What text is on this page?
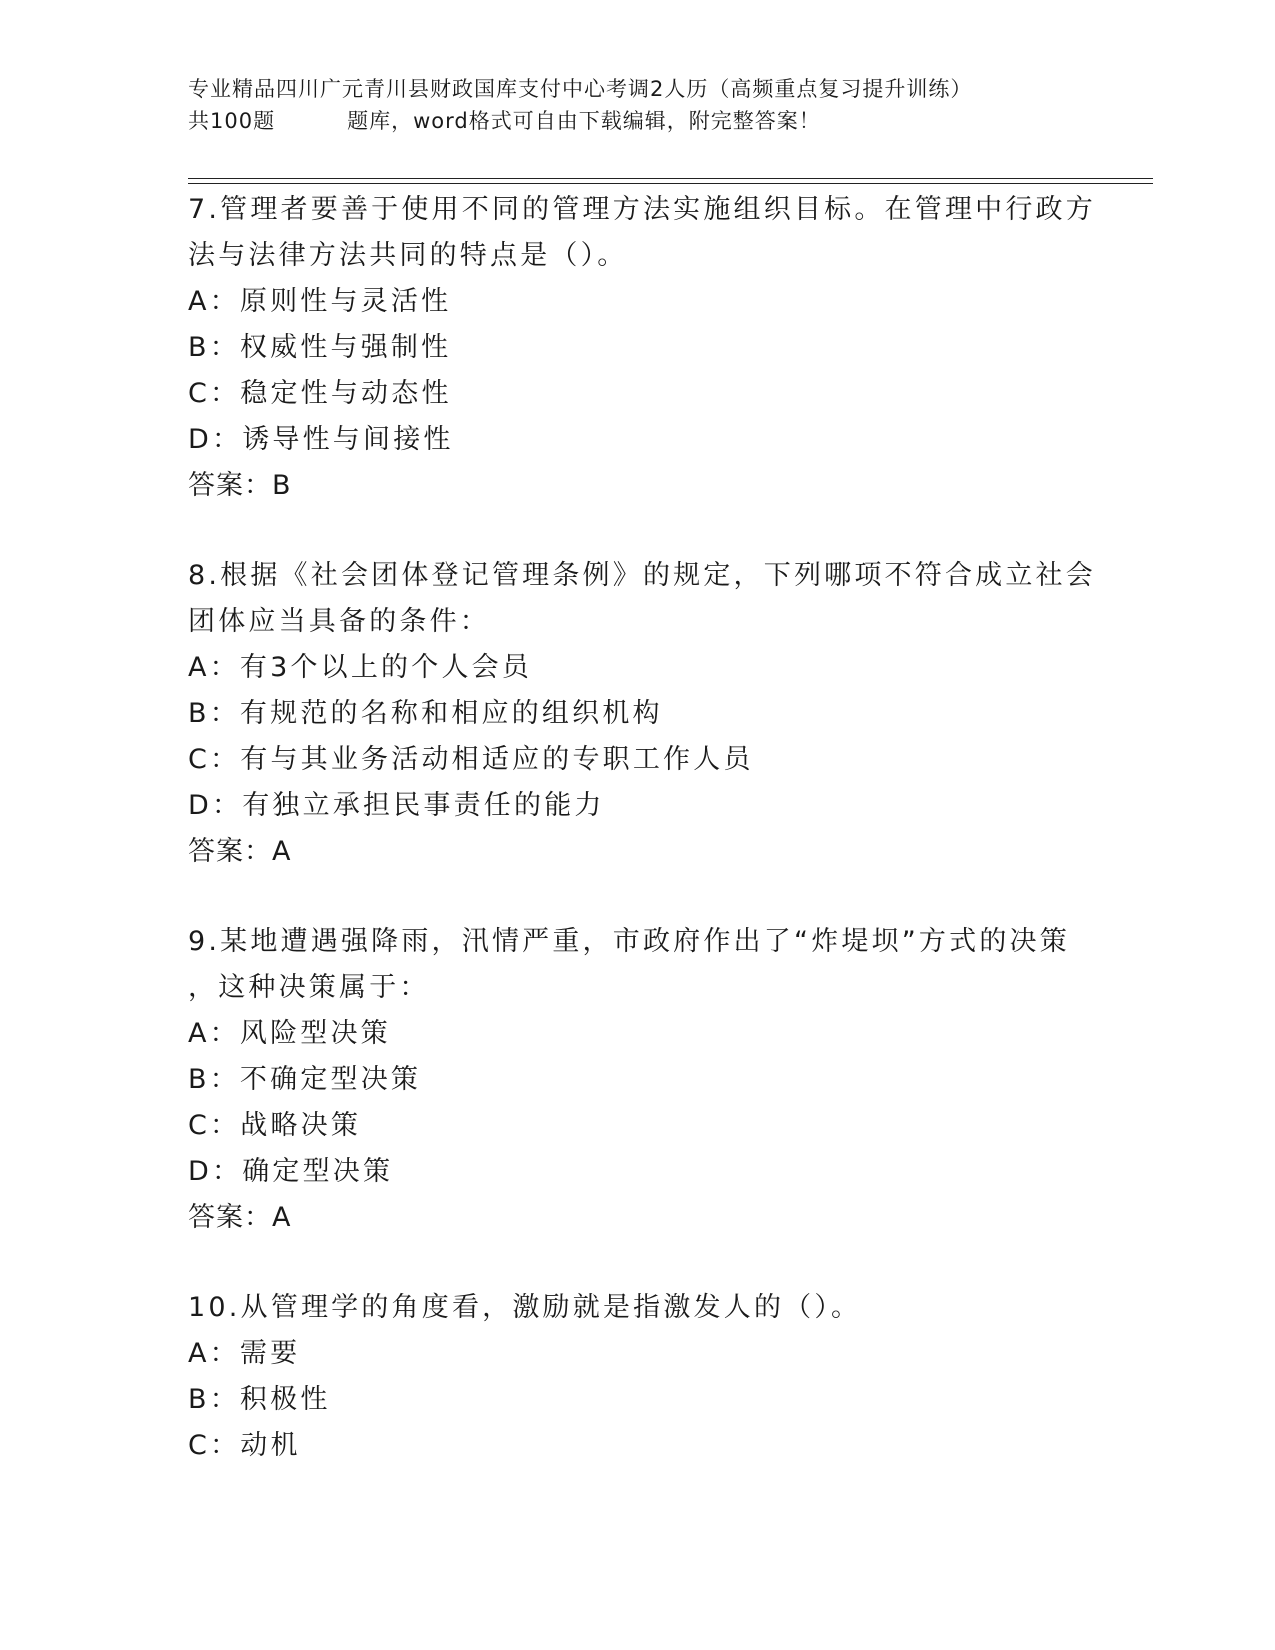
专业精品四川广元青川县财政国库支付中心考调2人历（高频重点复习提升训练）
共100题	题库，word格式可自由下载编辑，附完整答案！
7.管理者要善于使用不同的管理方法实施组织目标。在管理中行政方
法与法律方法共同的特点是（）。
A：原则性与灵活性
B：权威性与强制性
C：稳定性与动态性
D：诱导性与间接性
答案：B
8.根据《社会团体登记管理条例》的规定，下列哪项不符合成立社会
团体应当具备的条件：
A：有3个以上的个人会员
B：有规范的名称和相应的组织机构
C：有与其业务活动相适应的专职工作人员
D：有独立承担民事责任的能力
答案：A
9.某地遭遇强降雨，汛情严重，市政府作出了“炸堤坝”方式的决策
，这种决策属于：
A：风险型决策
B：不确定型决策
C：战略决策
D：确定型决策
答案：A
10.从管理学的角度看，激励就是指激发人的（）。
A：需要
B：积极性
C：动机
